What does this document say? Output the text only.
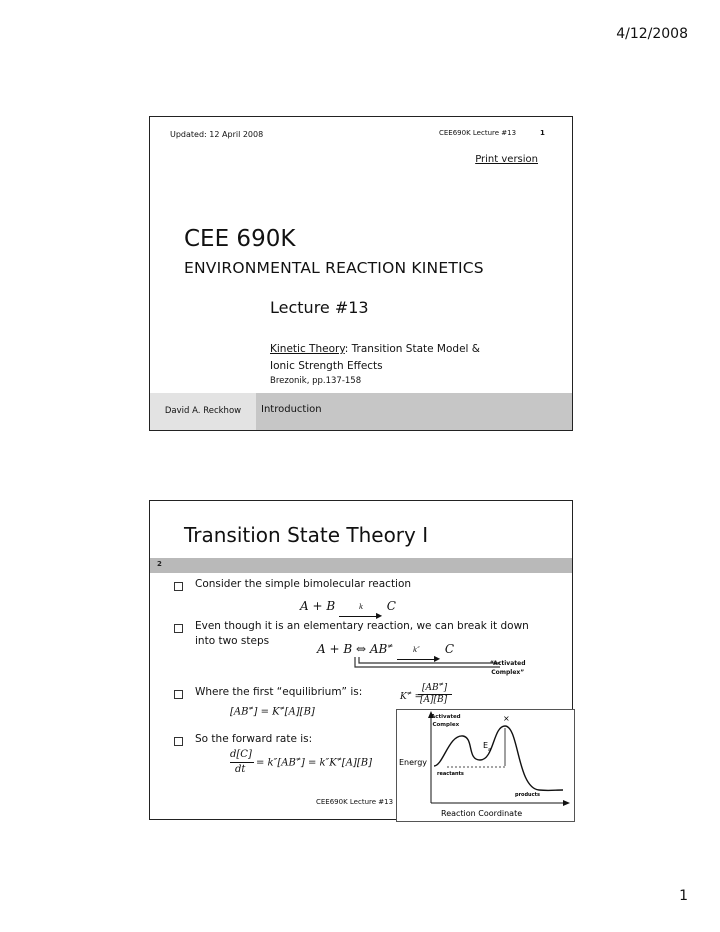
4/12/2008
Updated: 12 April 2008	CEE690K Lecture #13	1
Print version
CEE 690K
ENVIRONMENTAL REACTION KINETICS
Lecture #13
Kinetic Theory: Transition State Model &
Ionic Strength Effects
Brezonik, pp.137-158
David A. Reckhow	Introduction
Transition State Theory I
2
Consider the simple bimolecular reaction
A + B	k
▶
C
Even though it is an elementary reaction, we can break it down
into two steps
A + B ⇔ AB≠	k″
▶
C
“Activated
Complex”
Where the first “equilibrium” is:	K≠ =
[AB≠]
[A][B]
[AB≠] = K≠[A][B]
So the forward rate is:
d[C]
dt
= k″[AB≠] = k″K≠[A][B]
CEE690K Lecture #13
×
E a
Energy
reactants
products
Reaction Coordinate
Activated
Complex
1
